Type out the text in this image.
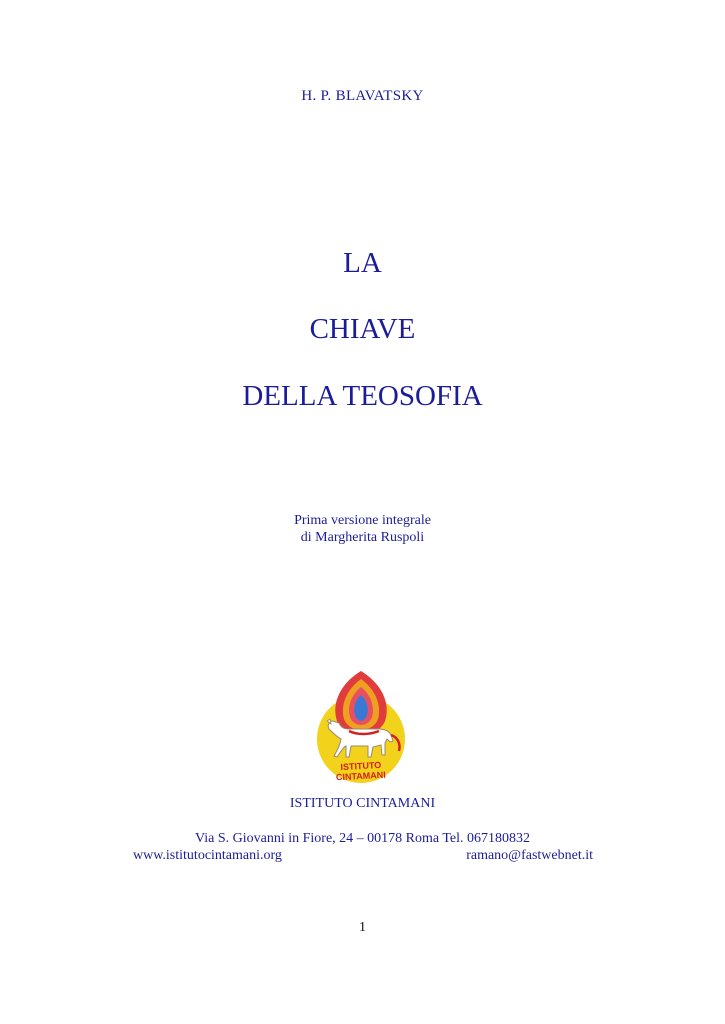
H. P. BLAVATSKY
LA
CHIAVE
DELLA TEOSOFIA
Prima versione integrale
di Margherita Ruspoli
ISTITUTO
CINTAMANI
ISTITUTO CINTAMANI
Via S. Giovanni in Fiore, 24 – 00178 Roma Tel. 067180832
www.istitutocintamani.org	ramano@fastwebnet.it
1
